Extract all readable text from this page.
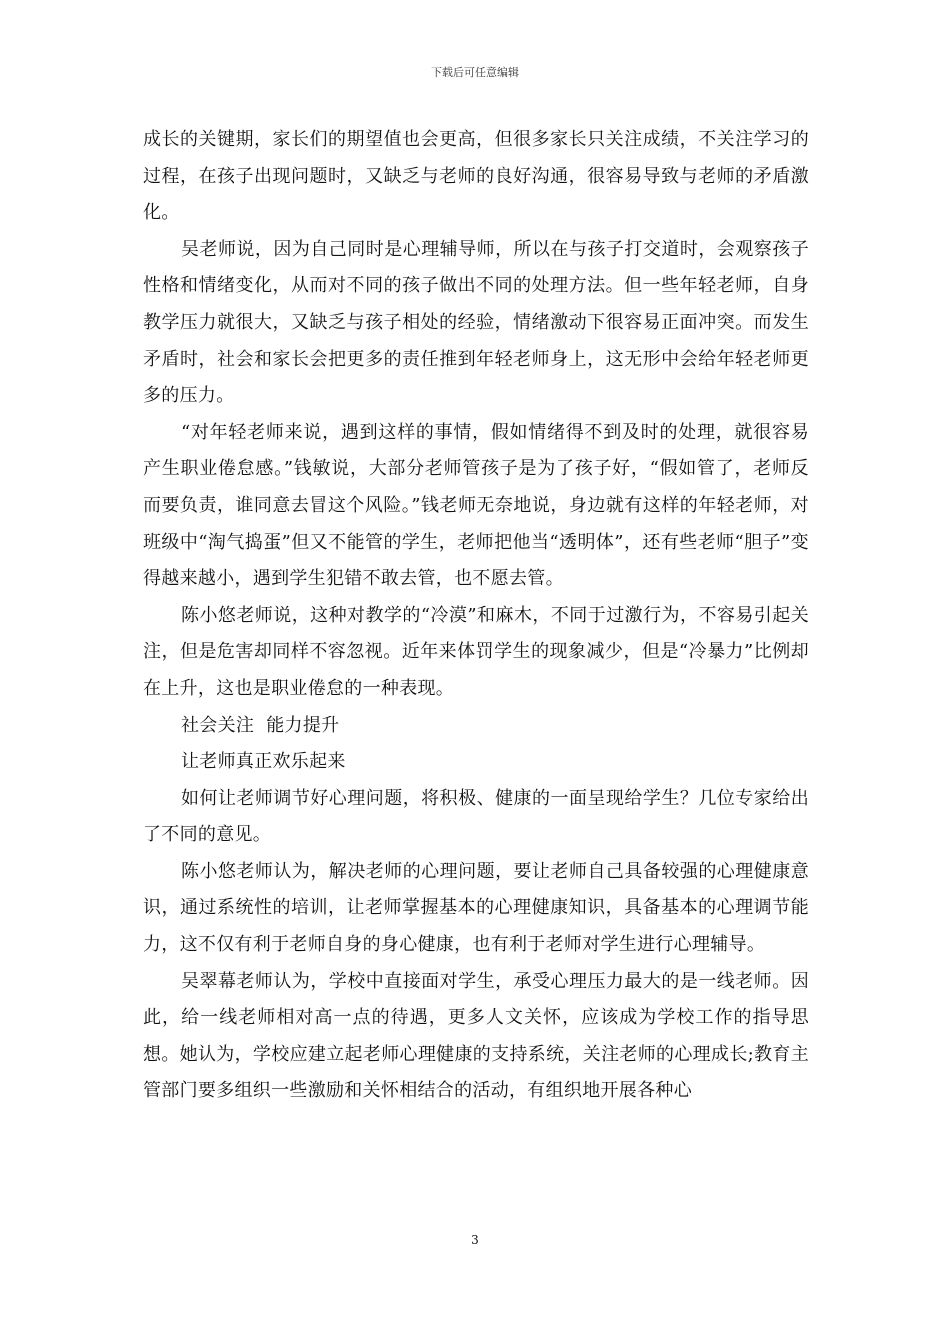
下载后可任意编辑

成长的关键期，家长们的期望值也会更高，但很多家长只关注成绩，不关注学习的过程，在孩子出现问题时，又缺乏与老师的良好沟通，很容易导致与老师的矛盾激化。

吴老师说，因为自己同时是心理辅导师，所以在与孩子打交道时，会观察孩子性格和情绪变化，从而对不同的孩子做出不同的处理方法。但一些年轻老师，自身教学压力就很大，又缺乏与孩子相处的经验，情绪激动下很容易正面冲突。而发生矛盾时，社会和家长会把更多的责任推到年轻老师身上，这无形中会给年轻老师更多的压力。

“对年轻老师来说，遇到这样的事情，假如情绪得不到及时的处理，就很容易产生职业倦怠感。”钱敏说，大部分老师管孩子是为了孩子好，“假如管了，老师反而要负责，谁同意去冒这个风险。”钱老师无奈地说，身边就有这样的年轻老师，对班级中“淘气捣蛋”但又不能管的学生，老师把他当“透明体”，还有些老师“胆子”变得越来越小，遇到学生犯错不敢去管，也不愿去管。

陈小悠老师说，这种对教学的“冷漠”和麻木，不同于过激行为，不容易引起关注，但是危害却同样不容忽视。近年来体罚学生的现象减少，但是“冷暴力”比例却在上升，这也是职业倦怠的一种表现。

社会关注  能力提升

让老师真正欢乐起来

如何让老师调节好心理问题，将积极、健康的一面呈现给学生？几位专家给出了不同的意见。

陈小悠老师认为，解决老师的心理问题，要让老师自己具备较强的心理健康意识，通过系统性的培训，让老师掌握基本的心理健康知识，具备基本的心理调节能力，这不仅有利于老师自身的身心健康，也有利于老师对学生进行心理辅导。

吴翠幕老师认为，学校中直接面对学生，承受心理压力最大的是一线老师。因此，给一线老师相对高一点的待遇，更多人文关怀，应该成为学校工作的指导思想。她认为，学校应建立起老师心理健康的支持系统，关注老师的心理成长;教育主管部门要多组织一些激励和关怀相结合的活动，有组织地开展各种心

3
